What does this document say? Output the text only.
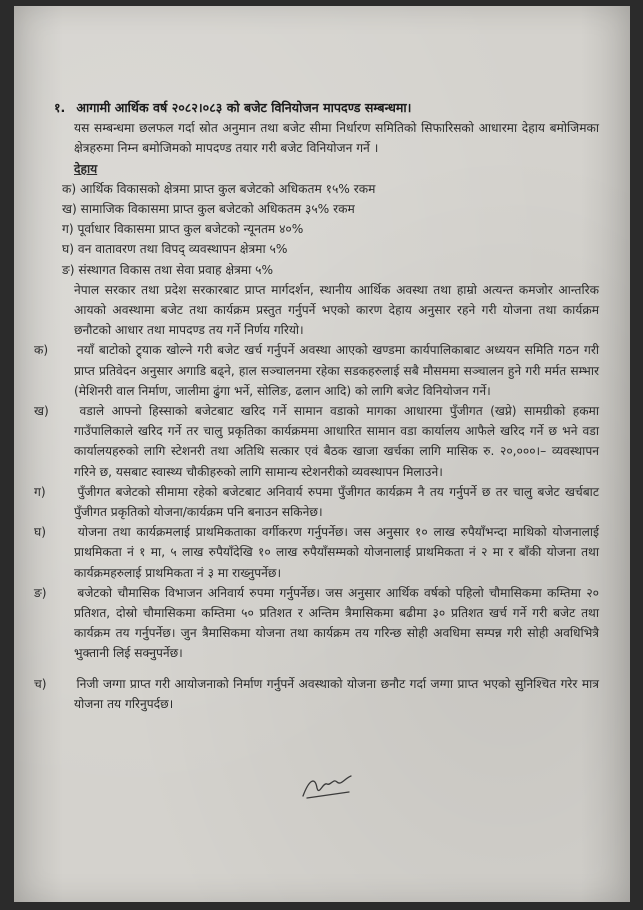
१. आगामी आर्थिक वर्ष २०८२।०८३ को बजेट विनियोजन मापदण्ड सम्बन्धमा।

यस सम्बन्धमा छलफल गर्दा स्रोत अनुमान तथा बजेट सीमा निर्धारण समितिको सिफारिसको आधारमा देहाय बमोजिमका क्षेत्रहरुमा निम्न बमोजिमको मापदण्ड तयार गरी बजेट विनियोजन गर्ने ।

देहाय

क) आर्थिक विकासको क्षेत्रमा प्राप्त कुल बजेटको अधिकतम १५% रकम

ख) सामाजिक विकासमा प्राप्त कुल बजेटको अधिकतम ३५% रकम

ग) पूर्वाधार विकासमा प्राप्त कुल बजेटको न्यूनतम ४०%

घ) वन वातावरण तथा विपद् व्यवस्थापन क्षेत्रमा ५%

ङ) संस्थागत विकास तथा सेवा प्रवाह क्षेत्रमा ५%

नेपाल सरकार तथा प्रदेश सरकारबाट प्राप्त मार्गदर्शन, स्थानीय आर्थिक अवस्था तथा हाम्रो अत्यन्त कमजोर आन्तरिक आयको अवस्थामा बजेट तथा कार्यक्रम प्रस्तुत गर्नुपर्ने भएको कारण देहाय अनुसार रहने गरी योजना तथा कार्यक्रम छनौटको आधार तथा मापदण्ड तय गर्ने निर्णय गरियो।

क) नयाँ बाटोको ट्र्याक खोल्ने गरी बजेट खर्च गर्नुपर्ने अवस्था आएको खण्डमा कार्यपालिकाबाट अध्ययन समिति गठन गरी प्राप्त प्रतिवेदन अनुसार अगाडि बढ्ने, हाल सञ्चालनमा रहेका सडकहरुलाई सबै मौसममा सञ्चालन हुने गरी मर्मत सम्भार (मेशिनरी वाल निर्माण, जालीमा ढुंगा भर्ने, सोलिङ, ढलान आदि) को लागि बजेट विनियोजन गर्ने।

ख)	वडाले आफ्नो हिस्साको बजेटबाट खरिद गर्ने सामान वडाको मागका आधारमा पुँजीगत (खप्ने) सामग्रीको हकमा गाउँपालिकाले खरिद गर्ने तर चालु प्रकृतिका कार्यक्रममा आधारित सामान वडा कार्यालय आफैले खरिद गर्ने छ भने वडा कार्यालयहरुको लागि स्टेशनरी तथा अतिथि सत्कार एवं बैठक खाजा खर्चका लागि मासिक रु. २०,०००।– व्यवस्थापन गरिने छ, यसबाट स्वास्थ्य चौकीहरुको लागि सामान्य स्टेशनरीको व्यवस्थापन मिलाउने।

ग)	पुँजीगत बजेटको सीमामा रहेको बजेटबाट अनिवार्य रुपमा पुँजीगत कार्यक्रम नै तय गर्नुपर्ने छ तर चालु बजेट खर्चबाट पुँजीगत प्रकृतिको योजना/कार्यक्रम पनि बनाउन सकिनेछ।

घ)	योजना तथा कार्यक्रमलाई प्राथमिकताका वर्गीकरण गर्नुपर्नेछ। जस अनुसार १० लाख रुपैयाँभन्दा माथिको योजनालाई प्राथमिकता नं १ मा, ५ लाख रुपैयाँदेखि १० लाख रुपैयाँसम्मको योजनालाई प्राथमिकता नं २ मा र बाँकी योजना तथा कार्यक्रमहरुलाई प्राथमिकता नं ३ मा राख्नुपर्नेछ।

ङ)	बजेटको चौमासिक विभाजन अनिवार्य रुपमा गर्नुपर्नेछ। जस अनुसार आर्थिक वर्षको पहिलो चौमासिकमा कम्तिमा २० प्रतिशत, दोस्रो चौमासिकमा कम्तिमा ५० प्रतिशत र अन्तिम त्रैमासिकमा बढीमा ३० प्रतिशत खर्च गर्ने गरी बजेट तथा कार्यक्रम तय गर्नुपर्नेछ। जुन त्रैमासिकमा योजना तथा कार्यक्रम तय गरिन्छ सोही अवधिमा सम्पन्न गरी सोही अवधिभित्रै भुक्तानी लिई सक्नुपर्नेछ।

च) निजी जग्गा प्राप्त गरी आयोजनाको निर्माण गर्नुपर्ने अवस्थाको योजना छनौट गर्दा जग्गा प्राप्त भएको सुनिश्चित गरेर मात्र योजना तय गरिनुपर्दछ।
